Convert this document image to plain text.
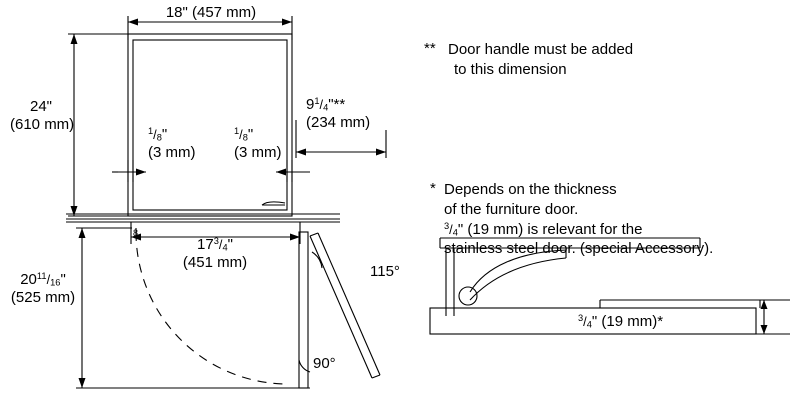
18" (457 mm)
24"
(610 mm)
$20^{11}/_{16}$"
(525 mm)
$9^1/_4"**$
(234 mm)
$^1/_8$"
(3 mm)
$^1/_8$"
(3 mm)
$17^3/_4$"
(451 mm)
8
115°
90°
** Door handle must be added
to this dimension
* Depends on the thickness
of the furniture door.
$^3/_4$" (19 mm) is relevant for the
stainless steel door. (special Accessory).
$^3/_4$" (19 mm)*
